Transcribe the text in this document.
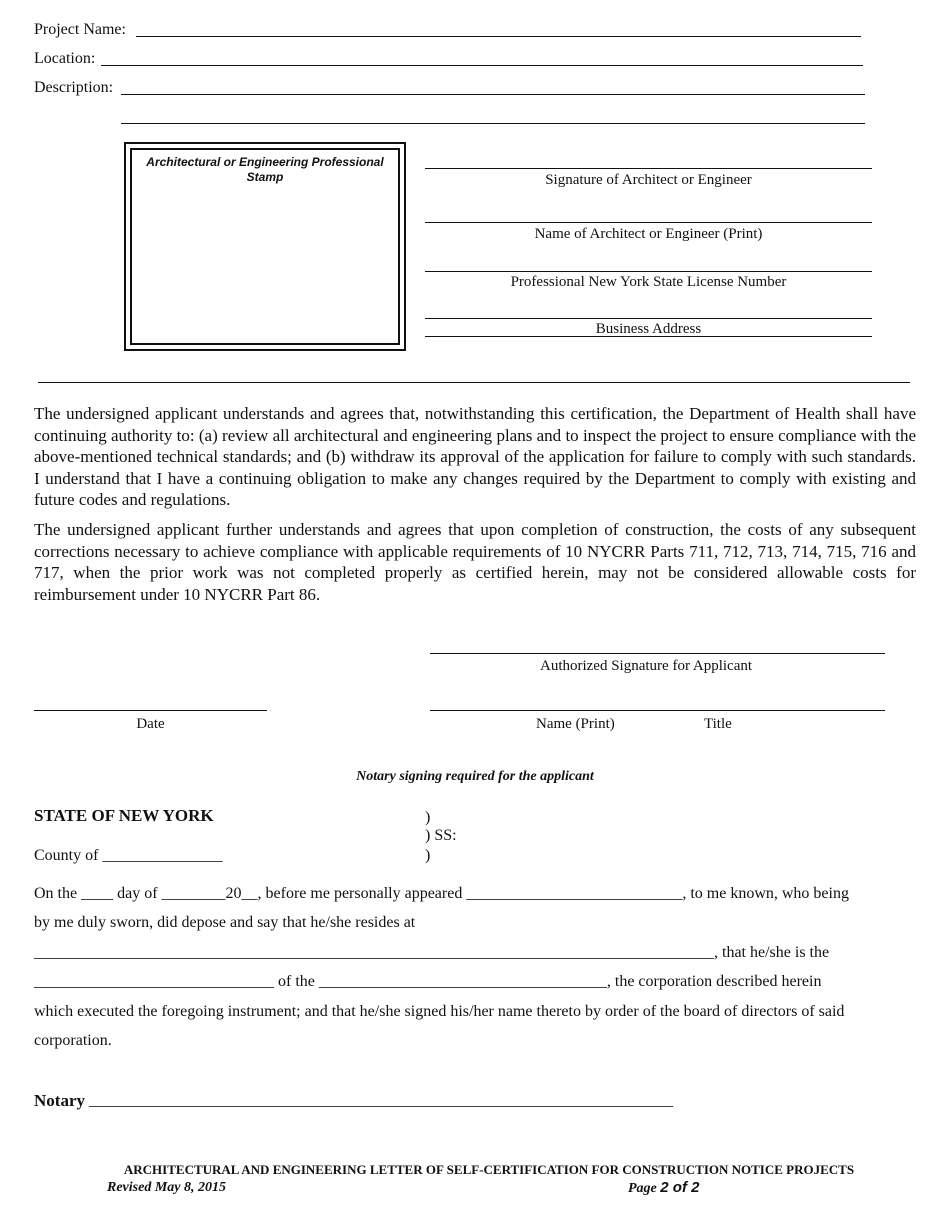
Project Name:
Location:
Description:
Architectural or Engineering Professional Stamp	Signature of Architect or Engineer
Name of Architect or Engineer (Print)
Professional New York State License Number
Business Address
The undersigned applicant understands and agrees that, notwithstanding this certification, the Department of Health shall have continuing authority to: (a) review all architectural and engineering plans and to inspect the project to ensure compliance with the above-mentioned technical standards; and (b) withdraw its approval of the application for failure to comply with such standards. I understand that I have a continuing obligation to make any changes required by the Department to comply with existing and future codes and regulations.
The undersigned applicant further understands and agrees that upon completion of construction, the costs of any subsequent corrections necessary to achieve compliance with applicable requirements of 10 NYCRR Parts 711, 712, 713, 714, 715, 716 and 717, when the prior work was not completed properly as certified herein, may not be considered allowable costs for reimbursement under 10 NYCRR Part 86.
Authorized Signature for Applicant
Date	Name (Print)	Title
Notary signing required for the applicant
STATE OF NEW YORK	)
) SS:
)
County of _______________
On the ____ day of ________20__, before me personally appeared ___________________________, to me known, who being
by me duly sworn, did depose and say that he/she resides at
_____________________________________________________________________________________, that he/she is the
______________________________ of the ____________________________________, the corporation described herein
which executed the foregoing instrument; and that he/she signed his/her name thereto by order of the board of directors of said
corporation.
Notary _________________________________________________________________________
ARCHITECTURAL AND ENGINEERING LETTER OF SELF-CERTIFICATION FOR CONSTRUCTION NOTICE PROJECTS
Revised May 8, 2015	Page 2 of 2
